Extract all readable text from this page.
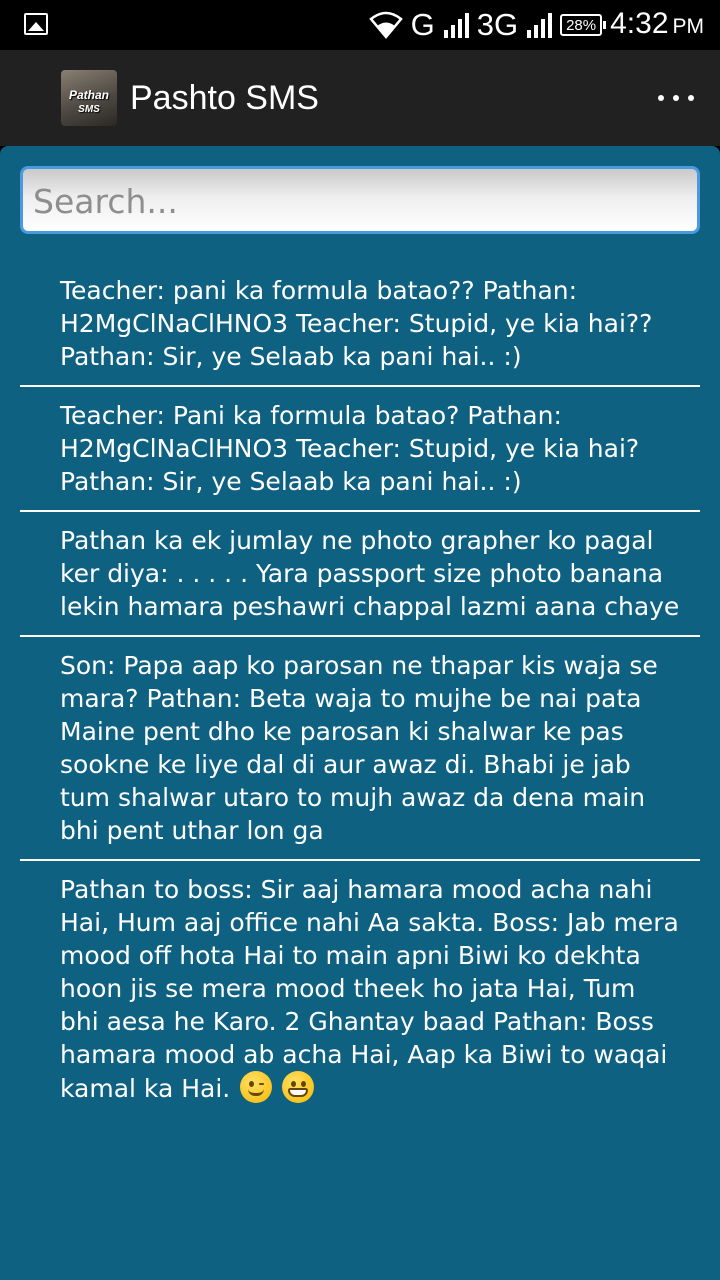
G 3G	28% 4:32 PM
Pathan
SMS Pashto SMS
Search...
Teacher: pani ka formula batao?? Pathan: H2MgClNaClHNO3 Teacher: Stupid, ye kia hai?? Pathan: Sir, ye Selaab ka pani hai.. :)
Teacher: Pani ka formula batao? Pathan: H2MgClNaClHNO3 Teacher: Stupid, ye kia hai? Pathan: Sir, ye Selaab ka pani hai.. :)
Pathan ka ek jumlay ne photo grapher ko pagal ker diya: . . . . . Yara passport size photo banana lekin hamara peshawri chappal lazmi aana chaye
Son: Papa aap ko parosan ne thapar kis waja se mara? Pathan: Beta waja to mujhe be nai pata Maine pent dho ke parosan ki shalwar ke pas sookne ke liye dal di aur awaz di. Bhabi je jab tum shalwar utaro to mujh awaz da dena main bhi pent uthar lon ga
Pathan to boss: Sir aaj hamara mood acha nahi Hai, Hum aaj office nahi Aa sakta. Boss: Jab mera mood off hota Hai to main apni Biwi ko dekhta hoon jis se mera mood theek ho jata Hai, Tum bhi aesa he Karo. 2 Ghantay baad Pathan: Boss hamara mood ab acha Hai, Aap ka Biwi to waqai kamal ka Hai.
